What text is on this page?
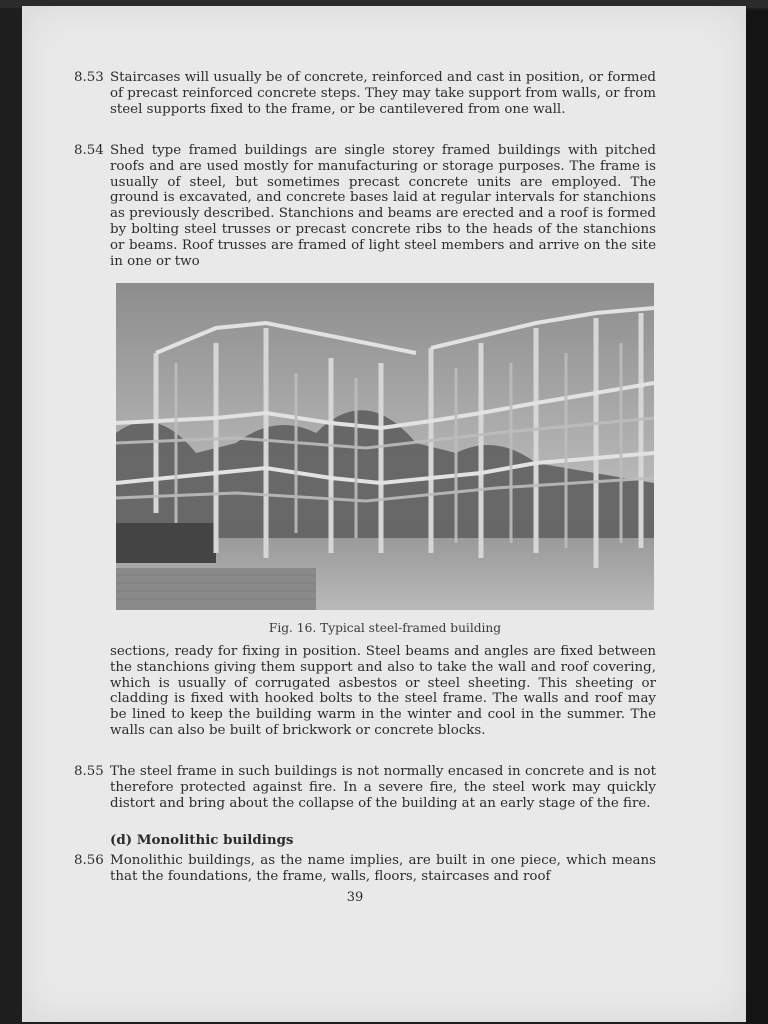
8.53 Staircases will usually be of concrete, reinforced and cast in position, or formed of precast reinforced concrete steps. They may take support from walls, or from steel supports fixed to the frame, or be cantilevered from one wall.

8.54 Shed type framed buildings are single storey framed buildings with pitched roofs and are used mostly for manufacturing or storage purposes. The frame is usually of steel, but sometimes precast concrete units are employed. The ground is excavated, and concrete bases laid at regular intervals for stanchions as previously described. Stanchions and beams are erected and a roof is formed by bolting steel trusses or precast concrete ribs to the heads of the stanchions or beams. Roof trusses are framed of light steel members and arrive on the site in one or two

Fig. 16. Typical steel-framed building

sections, ready for fixing in position. Steel beams and angles are fixed between the stanchions giving them support and also to take the wall and roof covering, which is usually of corrugated asbestos or steel sheeting. This sheeting or cladding is fixed with hooked bolts to the steel frame. The walls and roof may be lined to keep the building warm in the winter and cool in the summer. The walls can also be built of brickwork or concrete blocks.

8.55 The steel frame in such buildings is not normally encased in concrete and is not therefore protected against fire. In a severe fire, the steel work may quickly distort and bring about the collapse of the building at an early stage of the fire.

(d) Monolithic buildings

8.56 Monolithic buildings, as the name implies, are built in one piece, which means that the foundations, the frame, walls, floors, staircases and roof

39
